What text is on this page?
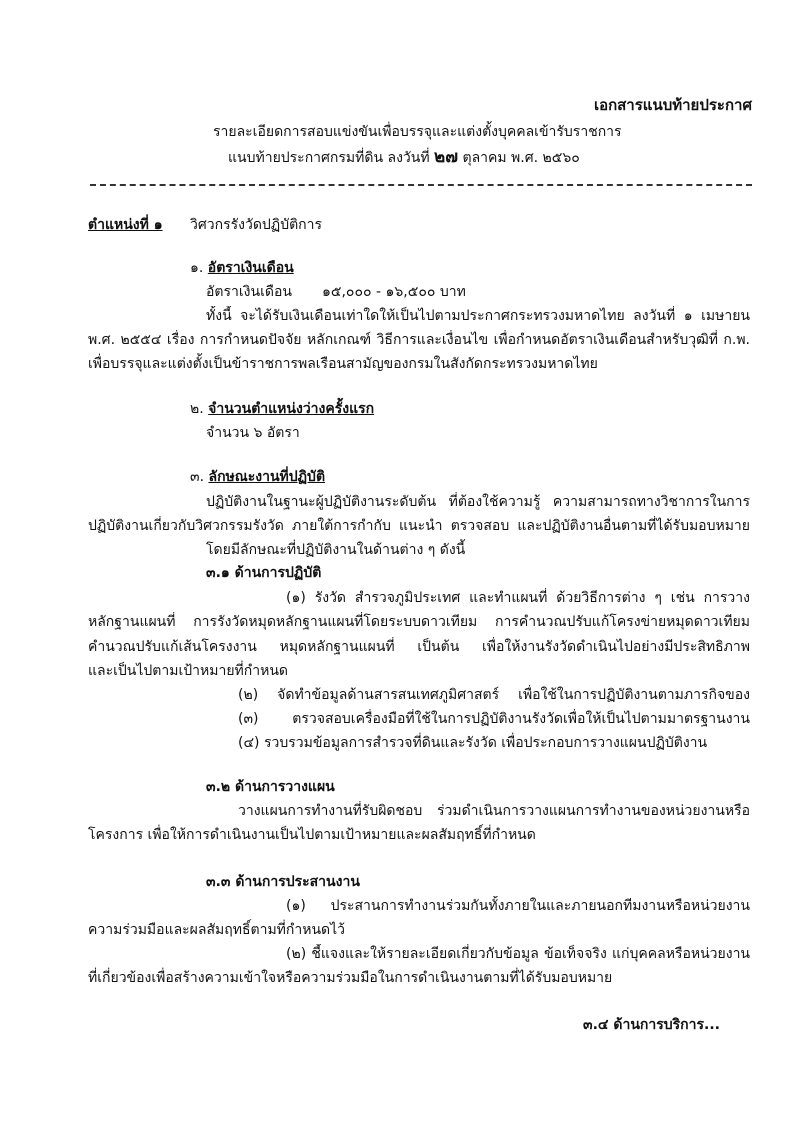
เอกสารแนบท้ายประกาศ
รายละเอียดการสอบแข่งขันเพื่อบรรจุและแต่งตั้งบุคคลเข้ารับราชการ
แนบท้ายประกาศกรมที่ดิน ลงวันที่ ๒๗ ตุลาคม พ.ศ. ๒๕๖๐
ตำแหน่งที่ ๑ วิศวกรรังวัดปฏิบัติการ
๑. อัตราเงินเดือน
อัตราเงินเดือน ๑๕,๐๐๐ - ๑๖,๕๐๐ บาท
ทั้งนี้ จะได้รับเงินเดือนเท่าใดให้เป็นไปตามประกาศกระทรวงมหาดไทย ลงวันที่ ๑ เมษายน
พ.ศ. ๒๕๕๔ เรื่อง การกำหนดปัจจัย หลักเกณฑ์ วิธีการและเงื่อนไข เพื่อกำหนดอัตราเงินเดือนสำหรับวุฒิที่ ก.พ.
เพื่อบรรจุและแต่งตั้งเป็นข้าราชการพลเรือนสามัญของกรมในสังกัดกระทรวงมหาดไทย
๒. จำนวนตำแหน่งว่างครั้งแรก
จำนวน ๖ อัตรา
๓. ลักษณะงานที่ปฏิบัติ
ปฏิบัติงานในฐานะผู้ปฏิบัติงานระดับต้น ที่ต้องใช้ความรู้ ความสามารถทางวิชาการในการ
ปฏิบัติงานเกี่ยวกับวิศวกรรมรังวัด ภายใต้การกำกับ แนะนำ ตรวจสอบ และปฏิบัติงานอื่นตามที่ได้รับมอบหมาย
โดยมีลักษณะที่ปฏิบัติงานในด้านต่าง ๆ ดังนี้
๓.๑ ด้านการปฏิบัติ
(๑) รังวัด สำรวจภูมิประเทศ และทำแผนที่ ด้วยวิธีการต่าง ๆ เช่น การวาง
หลักฐานแผนที่ การรังวัดหมุดหลักฐานแผนที่โดยระบบดาวเทียม การคำนวณปรับแก้โครงข่ายหมุดดาวเทียม
คำนวณปรับแก้เส้นโครงงาน หมุดหลักฐานแผนที่ เป็นต้น เพื่อให้งานรังวัดดำเนินไปอย่างมีประสิทธิภาพ
และเป็นไปตามเป้าหมายที่กำหนด
(๒) จัดทำข้อมูลด้านสารสนเทศภูมิศาสตร์ เพื่อใช้ในการปฏิบัติงานตามภารกิจของ
(๓) ตรวจสอบเครื่องมือที่ใช้ในการปฏิบัติงานรังวัดเพื่อให้เป็นไปตามมาตรฐานงาน
(๔) รวบรวมข้อมูลการสำรวจที่ดินและรังวัด เพื่อประกอบการวางแผนปฏิบัติงาน
๓.๒ ด้านการวางแผน
วางแผนการทำงานที่รับผิดชอบ ร่วมดำเนินการวางแผนการทำงานของหน่วยงานหรือ
โครงการ เพื่อให้การดำเนินงานเป็นไปตามเป้าหมายและผลสัมฤทธิ์ที่กำหนด
๓.๓ ด้านการประสานงาน
(๑) ประสานการทำงานร่วมกันทั้งภายในและภายนอกทีมงานหรือหน่วยงาน
ความร่วมมือและผลสัมฤทธิ์ตามที่กำหนดไว้
(๒) ชี้แจงและให้รายละเอียดเกี่ยวกับข้อมูล ข้อเท็จจริง แก่บุคคลหรือหน่วยงาน
ที่เกี่ยวข้องเพื่อสร้างความเข้าใจหรือความร่วมมือในการดำเนินงานตามที่ได้รับมอบหมาย
๓.๔ ด้านการบริการ...
